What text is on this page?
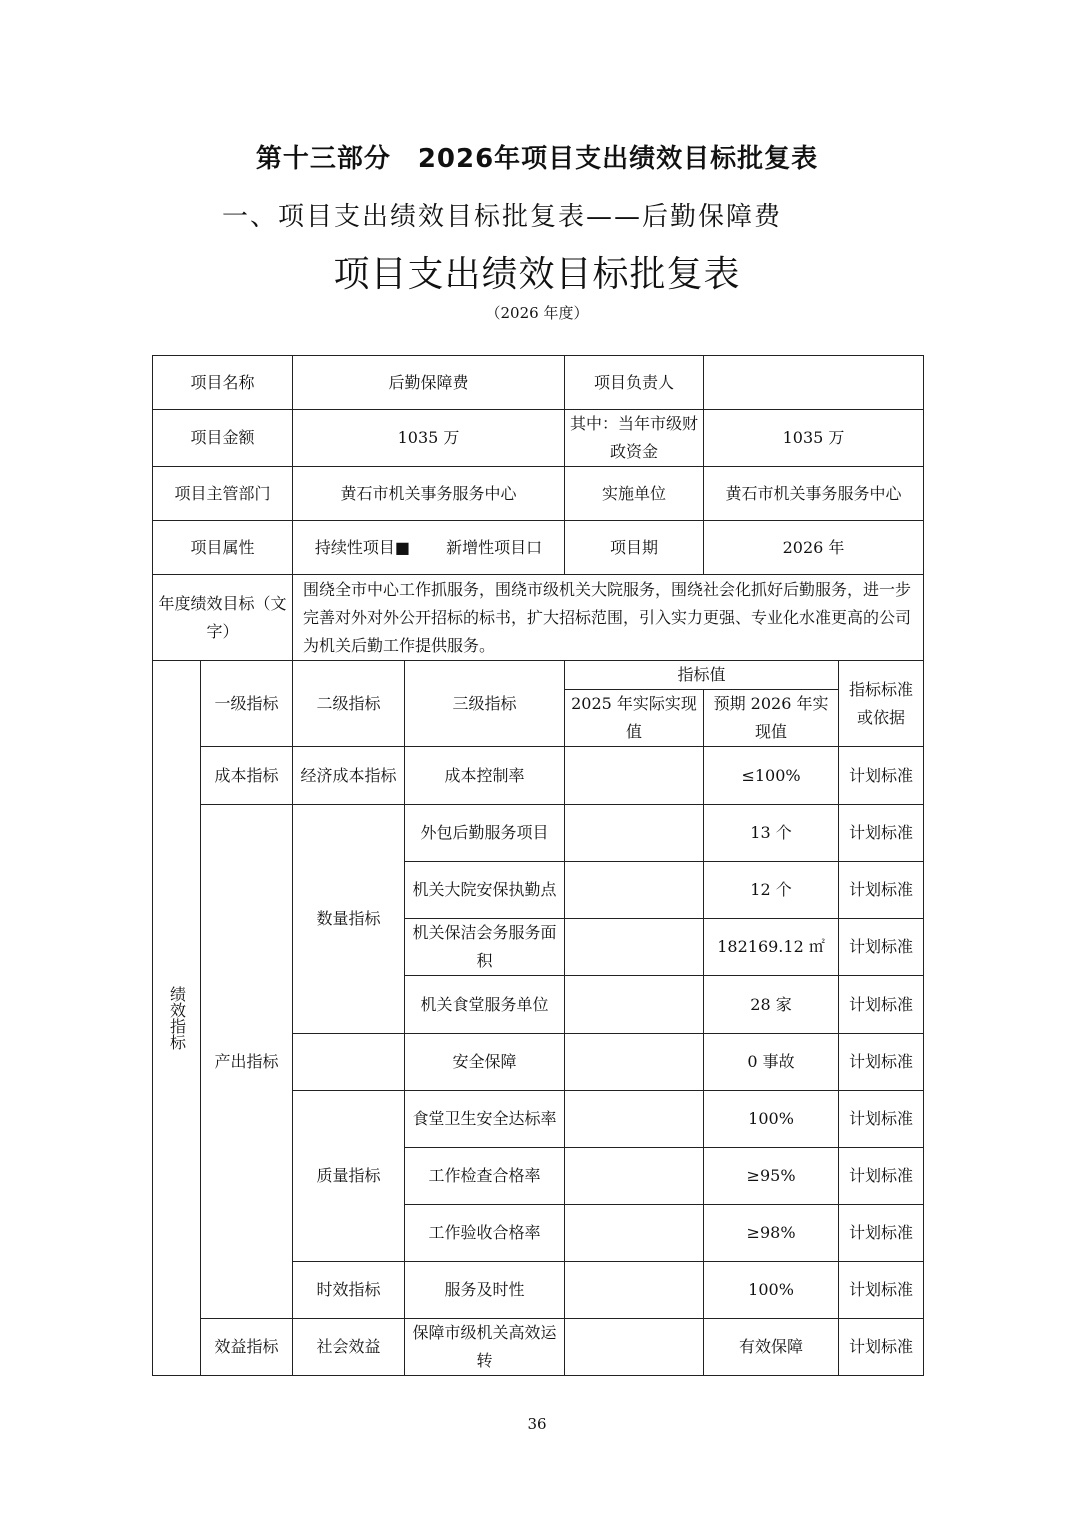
第十三部分　2026年项目支出绩效目标批复表
一、项目支出绩效目标批复表——后勤保障费
项目支出绩效目标批复表
（2026 年度）
项目名称		后勤保障费		项目负责人		
项目金额		1035 万		其中：当年市级财政资金	1035 万	
项目主管部门		黄石市机关事务服务中心		实施单位	黄石市机关事务服务中心	
项目属性		持续性项目■ 新增性项目口		项目期	2026 年	
年度绩效目标（文字）		围绕全市中心工作抓服务，围绕市级机关大院服务，围绕社会化抓好后勤服务，进一步完善对外对外公开招标的标书，扩大招标范围，引入实力更强、专业化水准更高的公司为机关后勤工作提供服务。				

绩效指标	一级指标	二级指标	三级指标	指标值		指标标准或依据
				2025 年实际实现值	预期 2026 年实现值	
	成本指标	经济成本指标	成本控制率		≤100%	计划标准
	产出指标	数量指标	外包后勤服务项目		13 个	计划标准
			机关大院安保执勤点		12 个	计划标准
			机关保洁会务服务面积		182169.12 ㎡	计划标准
			机关食堂服务单位		28 家	计划标准
			安全保障		0 事故	计划标准
		质量指标	食堂卫生安全达标率		100%	计划标准
			工作检查合格率		≥95%	计划标准
			工作验收合格率		≥98%	计划标准
		时效指标	服务及时性		100%	计划标准
	效益指标	社会效益	保障市级机关高效运转		有效保障	计划标准
36
